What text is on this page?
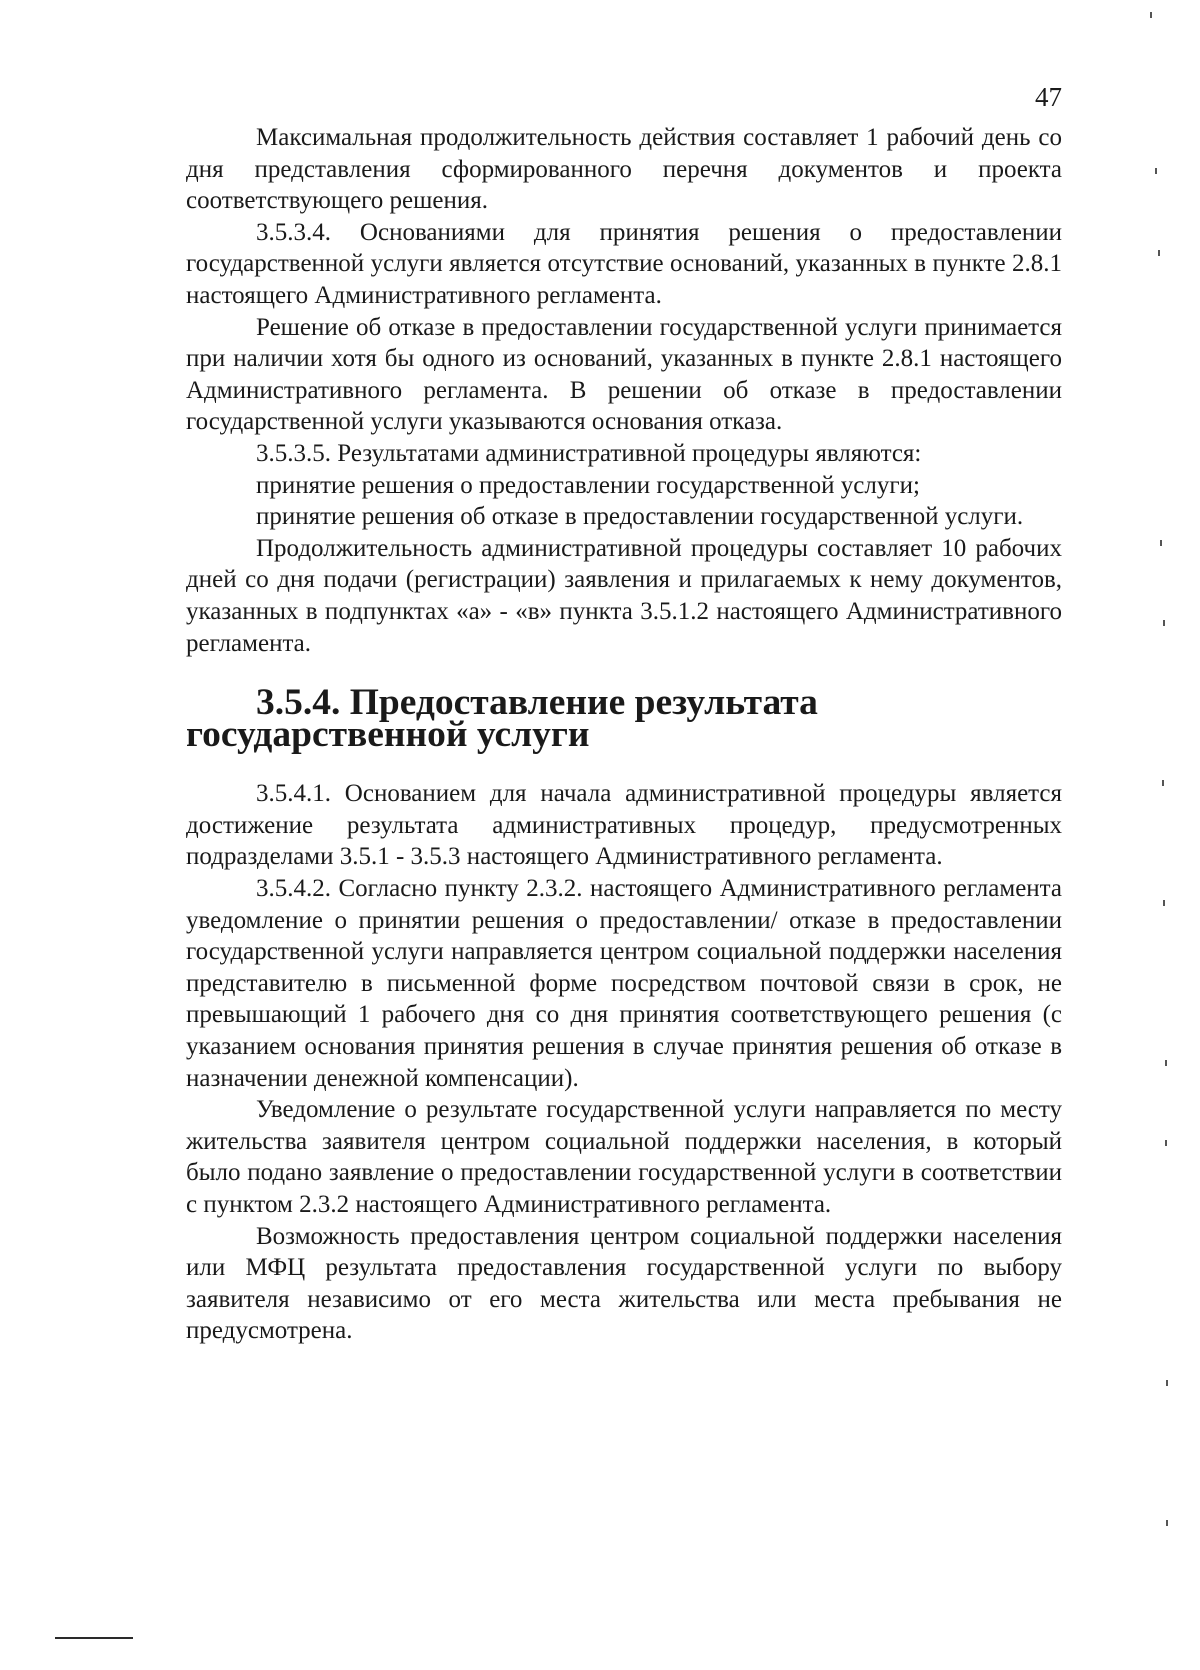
47

Максимальная продолжительность действия составляет 1 рабочий день со дня представления сформированного перечня документов и проекта соответствующего решения.

3.5.3.4. Основаниями для принятия решения о предоставлении государственной услуги является отсутствие оснований, указанных в пункте 2.8.1 настоящего Административного регламента.

Решение об отказе в предоставлении государственной услуги принимается при наличии хотя бы одного из оснований, указанных в пункте 2.8.1 настоящего Административного регламента. В решении об отказе в предоставлении государственной услуги указываются основания отказа.

3.5.3.5. Результатами административной процедуры являются:

принятие решения о предоставлении государственной услуги;

принятие решения об отказе в предоставлении государственной услуги.

Продолжительность административной процедуры составляет 10 рабочих дней со дня подачи (регистрации) заявления и прилагаемых к нему документов, указанных в подпунктах «а» - «в» пункта 3.5.1.2 настоящего Административного регламента.

3.5.4. Предоставление результата государственной услуги

3.5.4.1. Основанием для начала административной процедуры является достижение результата административных процедур, предусмотренных подразделами 3.5.1 - 3.5.3 настоящего Административного регламента.

3.5.4.2. Согласно пункту 2.3.2. настоящего Административного регламента уведомление о принятии решения о предоставлении/ отказе в предоставлении государственной услуги направляется центром социальной поддержки населения представителю в письменной форме посредством почтовой связи в срок, не превышающий 1 рабочего дня со дня принятия соответствующего решения (с указанием основания принятия решения в случае принятия решения об отказе в назначении денежной компенсации).

Уведомление о результате государственной услуги направляется по месту жительства заявителя центром социальной поддержки населения, в который было подано заявление о предоставлении государственной услуги в соответствии с пунктом 2.3.2 настоящего Административного регламента.

Возможность предоставления центром социальной поддержки населения или МФЦ результата предоставления государственной услуги по выбору заявителя независимо от его места жительства или места пребывания не предусмотрена.
